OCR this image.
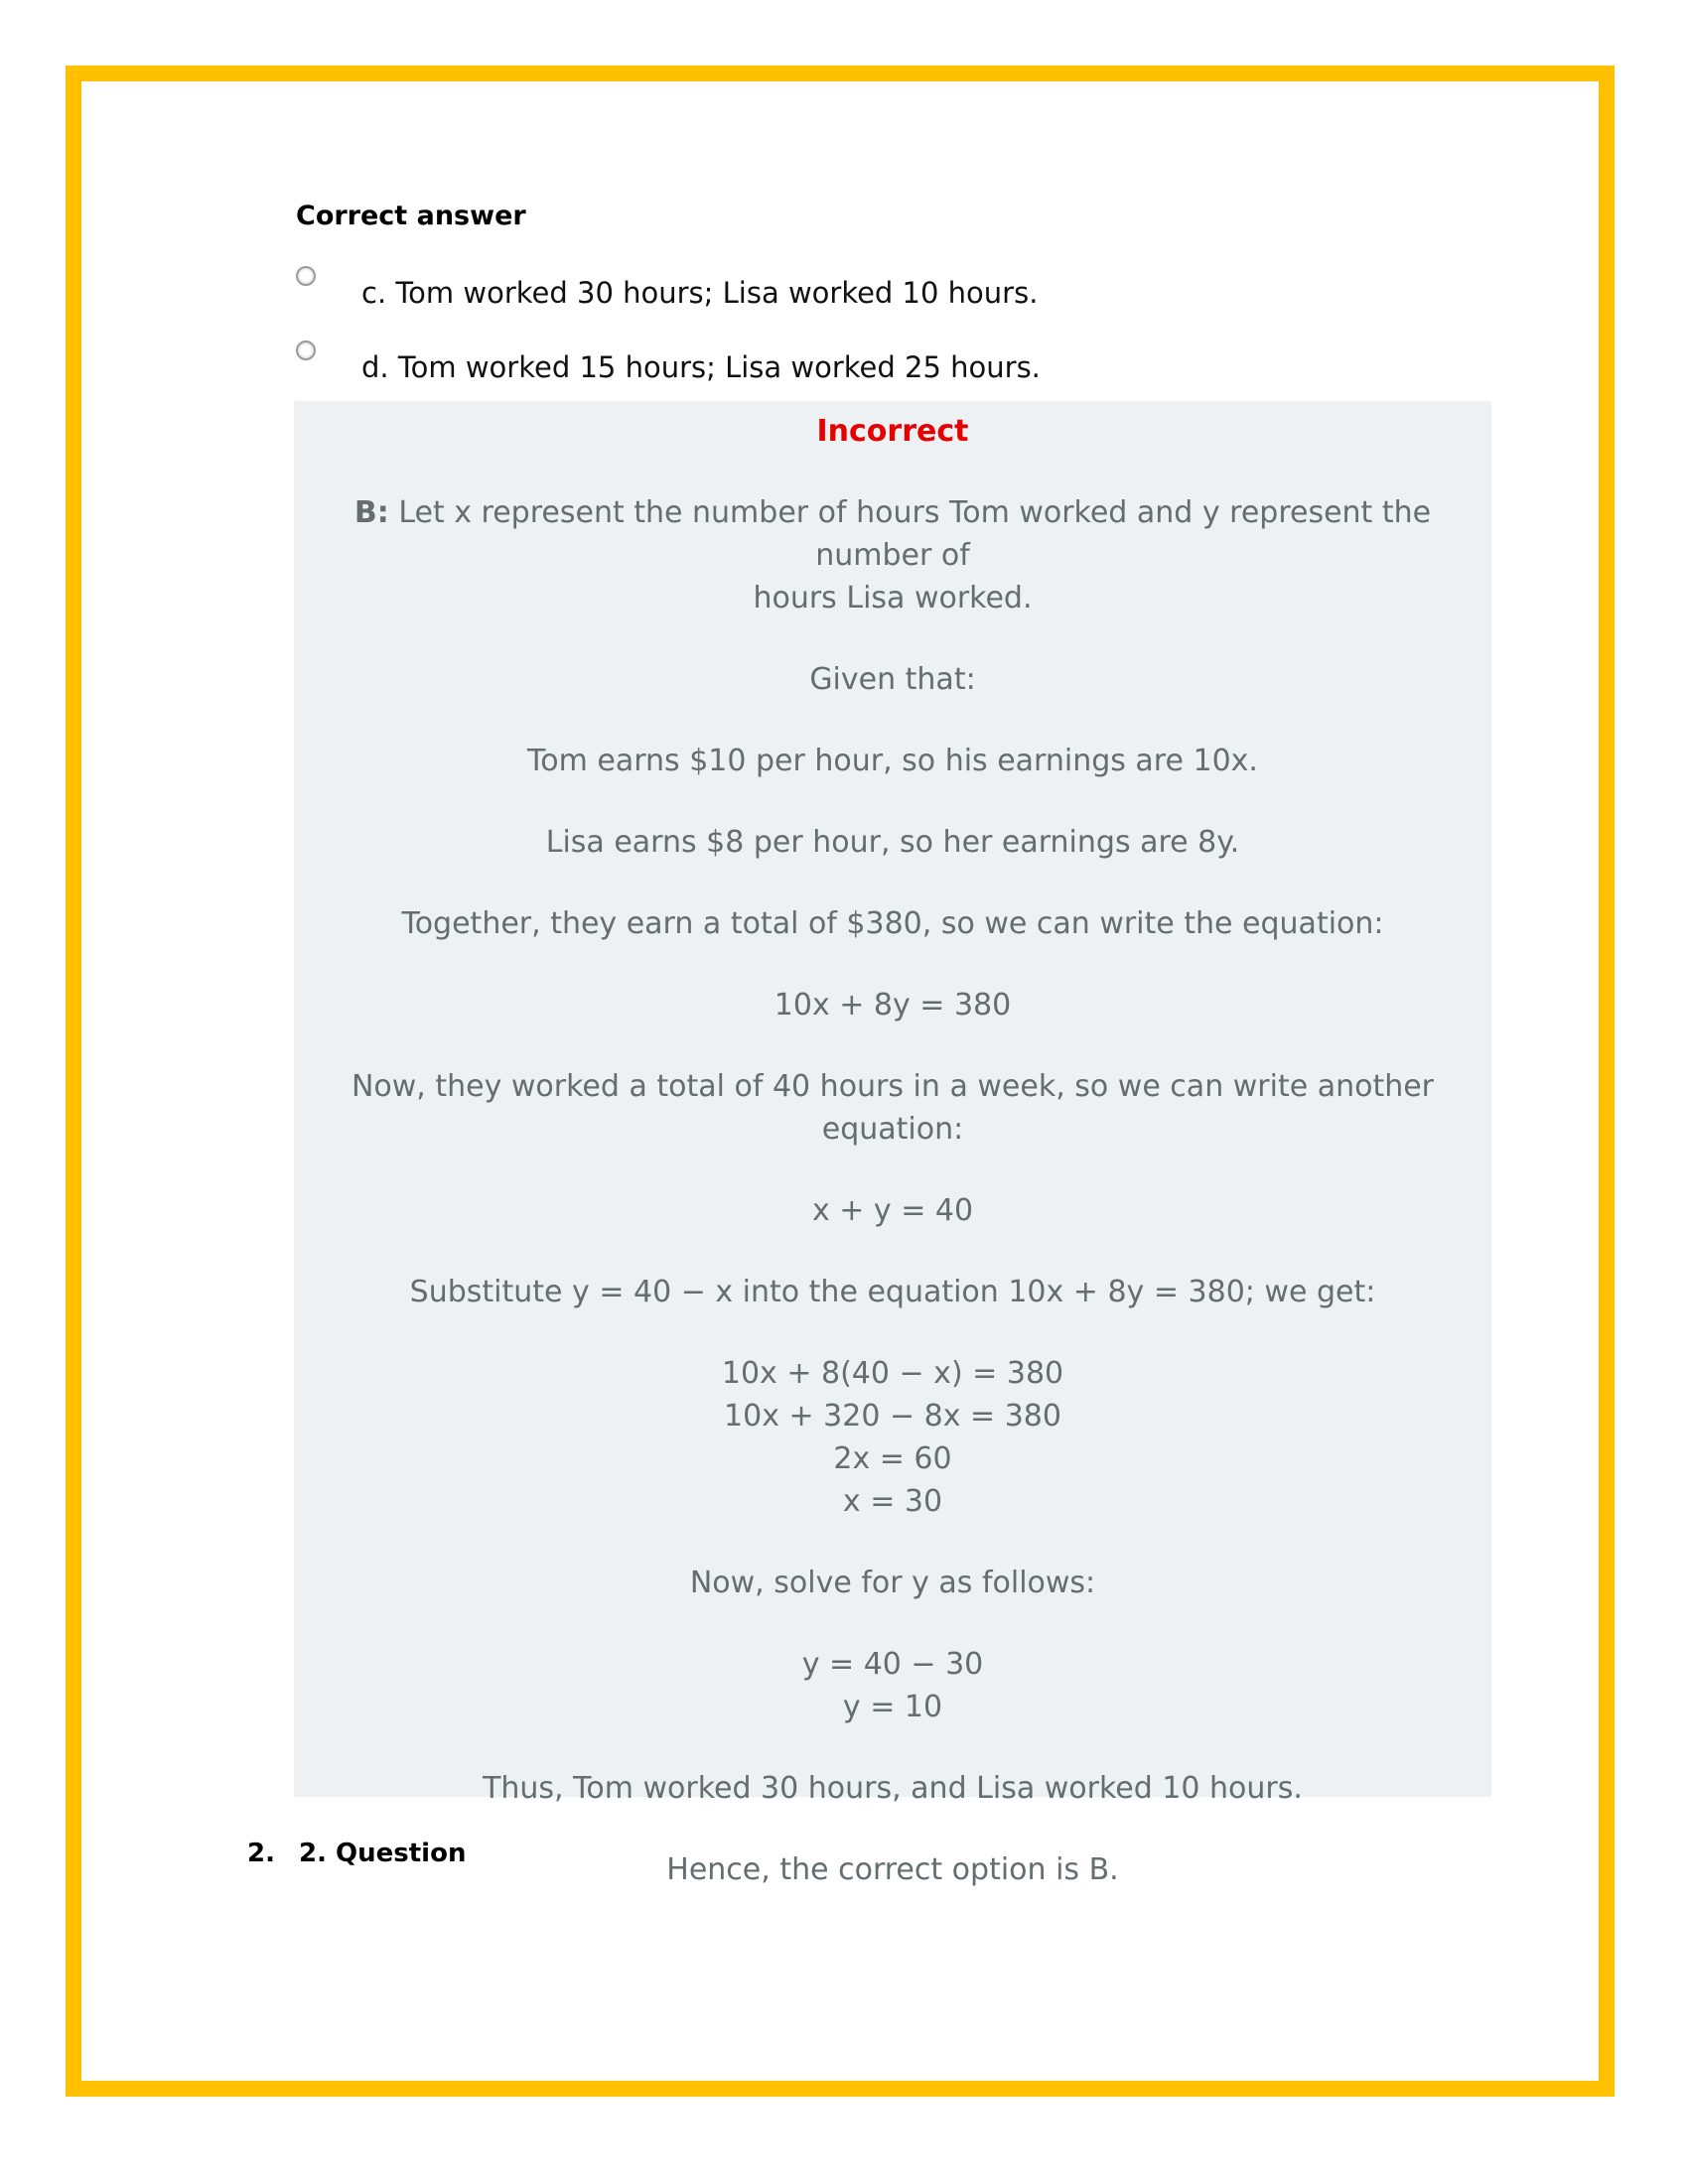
Correct answer
c. Tom worked 30 hours; Lisa worked 10 hours.
d. Tom worked 15 hours; Lisa worked 25 hours.

Incorrect

B: Let x represent the number of hours Tom worked and y represent the number of

hours Lisa worked.

Given that:

Tom earns $10 per hour, so his earnings are 10x.

Lisa earns $8 per hour, so her earnings are 8y.

Together, they earn a total of $380, so we can write the equation:

10x + 8y = 380

Now, they worked a total of 40 hours in a week, so we can write another equation:

x + y = 40

Substitute y = 40 − x into the equation 10x + 8y = 380; we get:

10x + 8(40 − x) = 380

10x + 320 − 8x = 380

2x = 60

x = 30

Now, solve for y as follows:

y = 40 − 30

y = 10

Thus, Tom worked 30 hours, and Lisa worked 10 hours.

Hence, the correct option is B.

2. 2. Question
